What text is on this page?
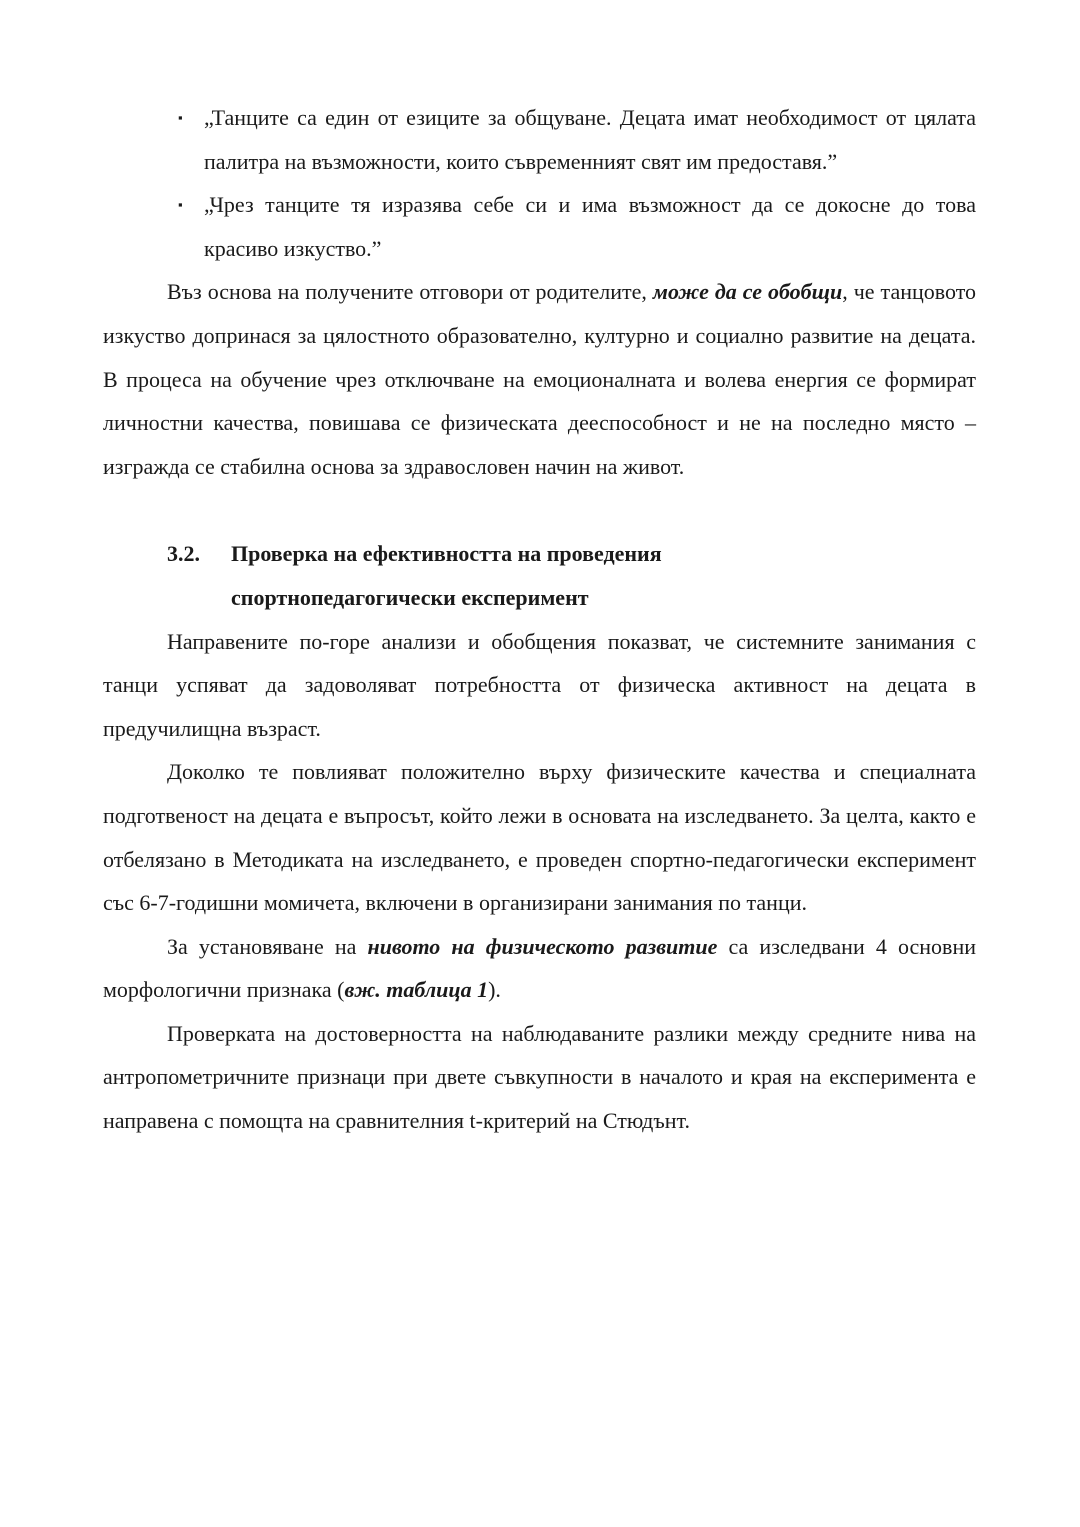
▪ „Танците са един от езиците за общуване. Децата имат необходимост от цялата палитра на възможности, които съвременният свят им предоставя.”
▪ „Чрез танците тя изразява себе си и има възможност да се докосне до това красиво изкуство.”

Въз основа на получените отговори от родителите, може да се обобщи, че танцовото изкуство допринася за цялостното образователно, културно и социално развитие на децата. В процеса на обучение чрез отключване на емоционалната и волева енергия се формират личностни качества, повишава се физическата дееспособност и не на последно място – изгражда се стабилна основа за здравословен начин на живот.

3.2. Проверка на ефективността на проведения
спортнопедагогически експеримент

Направените по-горе анализи и обобщения показват, че системните занимания с танци успяват да задоволяват потребността от физическа активност на децата в предучилищна възраст.

Доколко те повлияват положително върху физическите качества и специалната подготвеност на децата е въпросът, който лежи в основата на изследването. За целта, както е отбелязано в Методиката на изследването, е проведен спортно-педагогически експеримент със 6-7-годишни момичета, включени в организирани занимания по танци.

За установяване на нивото на физическото развитие са изследвани 4 основни морфологични признака (вж. таблица 1).

Проверката на достоверността на наблюдаваните разлики между средните нива на антропометричните признаци при двете съвкупности в началото и края на експеримента е направена с помощта на сравнителния t-критерий на Стюдънт.
